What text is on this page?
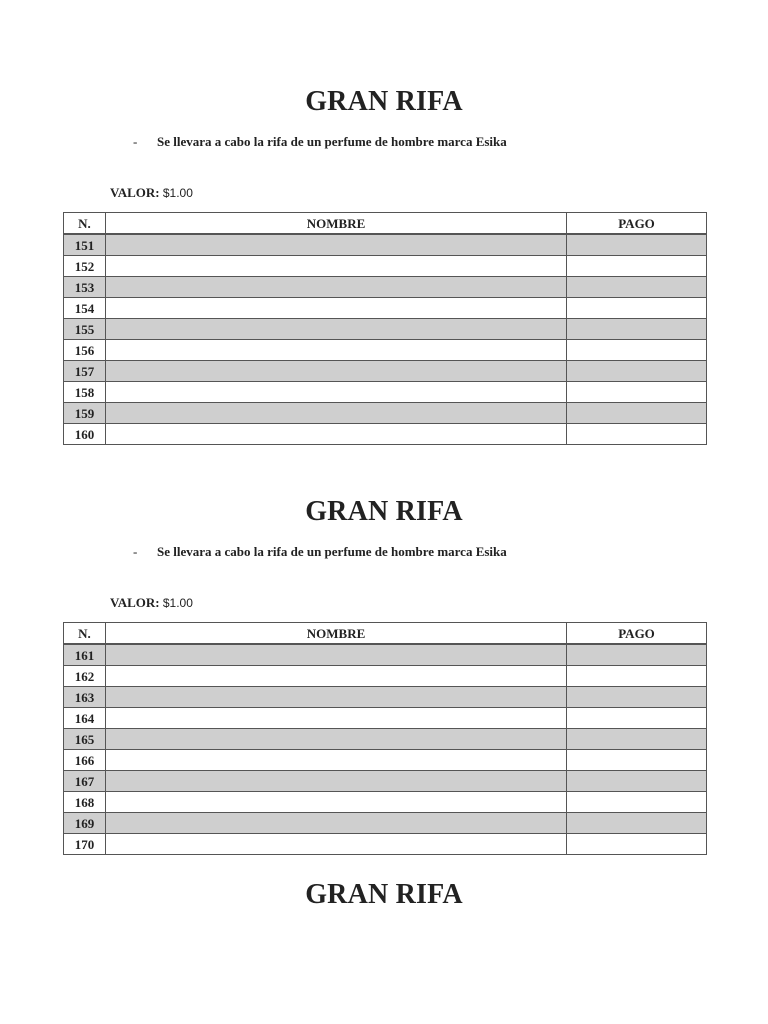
GRAN RIFA
- Se llevara a cabo la rifa de un perfume de hombre marca Esika
VALOR: $1.00
N.	NOMBRE	PAGO
151		
152		
153		
154		
155		
156		
157		
158		
159		
160		
GRAN RIFA
- Se llevara a cabo la rifa de un perfume de hombre marca Esika
VALOR: $1.00
N.	NOMBRE	PAGO
161		
162		
163		
164		
165		
166		
167		
168		
169		
170		
GRAN RIFA
